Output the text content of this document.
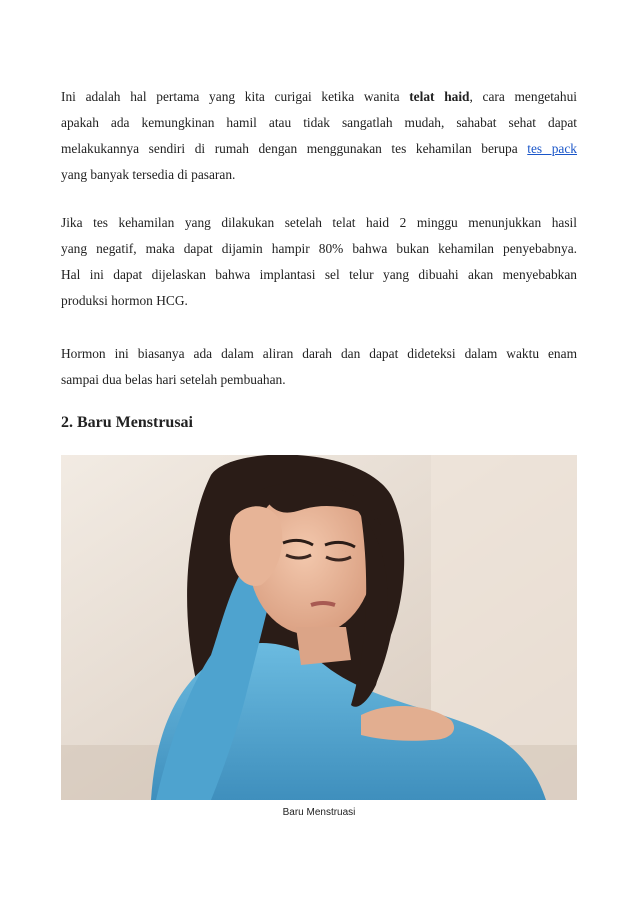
Ini adalah hal pertama yang kita curigai ketika wanita telat haid, cara mengetahui
apakah ada kemungkinan hamil atau tidak sangatlah mudah, sahabat sehat dapat
melakukannya sendiri di rumah dengan menggunakan tes kehamilan berupa tes pack
yang banyak tersedia di pasaran.

Jika tes kehamilan yang dilakukan setelah telat haid 2 minggu menunjukkan hasil
yang negatif, maka dapat dijamin hampir 80% bahwa bukan kehamilan penyebabnya.
Hal ini dapat dijelaskan bahwa implantasi sel telur yang dibuahi akan menyebabkan
produksi hormon HCG.

Hormon ini biasanya ada dalam aliran darah dan dapat dideteksi dalam waktu enam
sampai dua belas hari setelah pembuahan.

2. Baru Menstrusai
Baru Menstruasi
